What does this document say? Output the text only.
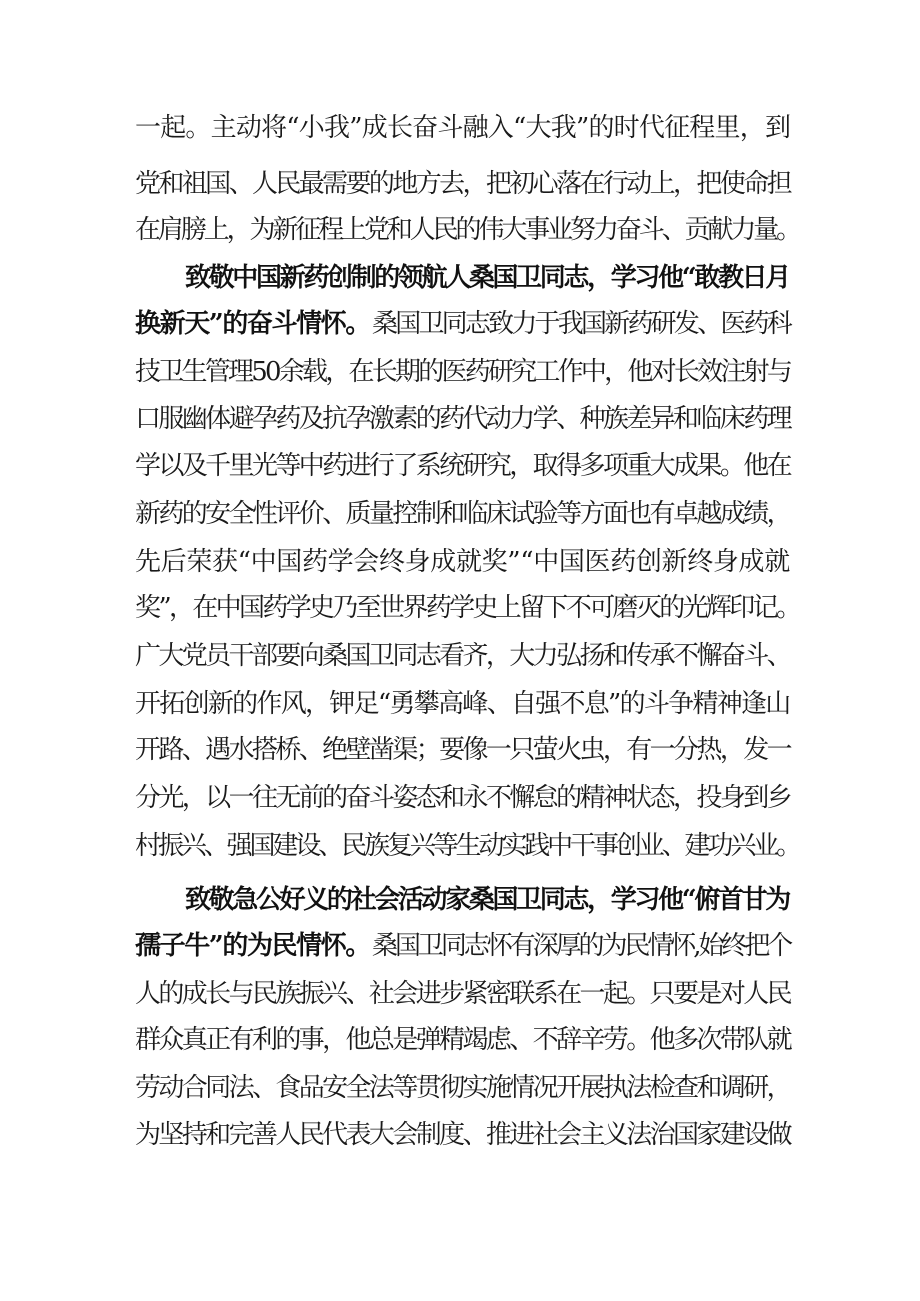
一起。主动将“小我”成长奋斗融入“大我”的时代征程里，到
党和祖国、人民最需要的地方去，把初心落在行动上，把使命担
在肩膀上，为新征程上党和人民的伟大事业努力奋斗、贡献力量。
致敬中国新药创制的领航人桑国卫同志，学习他“敢教日月
换新天”的奋斗情怀。 桑国卫同志致力于我国新药研发、医药科
技卫生管理50余载，在长期的医药研究工作中，他对长效注射与
口服幽体避孕药及抗孕激素的药代动力学、种族差异和临床药理
学以及千里光等中药进行了系统研究，取得多项重大成果。他在
新药的安全性评价、质量控制和临床试验等方面也有卓越成绩，
先后荣获“中国药学会终身成就奖”“中国医药创新终身成就
奖”，在中国药学史乃至世界药学史上留下不可磨灭的光辉印记。
广大党员干部要向桑国卫同志看齐，大力弘扬和传承不懈奋斗、
开拓创新的作风，钾足“勇攀高峰、自强不息”的斗争精神逢山
开路、遇水搭桥、绝壁凿渠；要像一只萤火虫，有一分热，发一
分光，以一往无前的奋斗姿态和永不懈怠的精神状态，投身到乡
村振兴、强国建设、民族复兴等生动实践中干事创业、建功兴业。
致敬急公好义的社会活动家桑国卫同志，学习他“俯首甘为
孺子牛”的为民情怀。 桑国卫同志怀有深厚的为民情怀,始终把个
人的成长与民族振兴、社会进步紧密联系在一起。只要是对人民
群众真正有利的事，他总是弹精竭虑、不辞辛劳。他多次带队就
劳动合同法、食品安全法等贯彻实施情况开展执法检查和调研，
为坚持和完善人民代表大会制度、推进社会主义法治国家建设做
